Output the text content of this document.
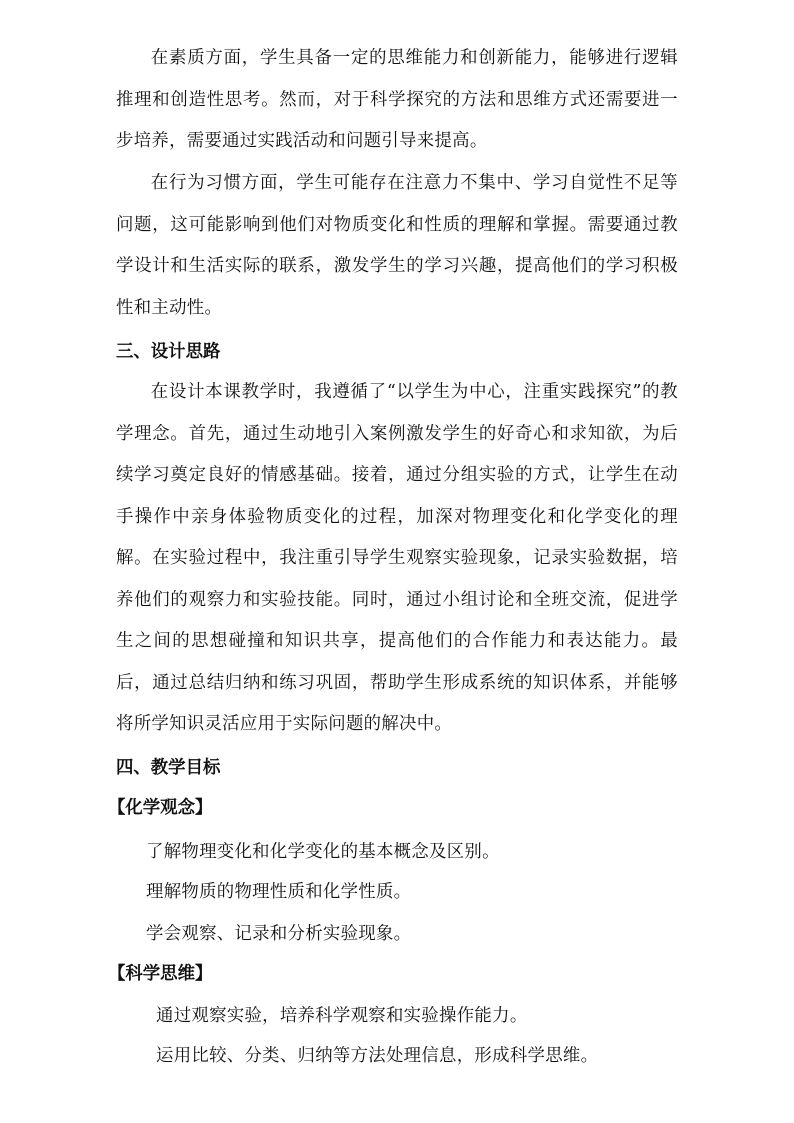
在素质方面，学生具备一定的思维能力和创新能力，能够进行逻辑推理和创造性思考。然而，对于科学探究的方法和思维方式还需要进一步培养，需要通过实践活动和问题引导来提高。

在行为习惯方面，学生可能存在注意力不集中、学习自觉性不足等问题，这可能影响到他们对物质变化和性质的理解和掌握。需要通过教学设计和生活实际的联系，激发学生的学习兴趣，提高他们的学习积极性和主动性。

三、设计思路

在设计本课教学时，我遵循了“以学生为中心，注重实践探究”的教学理念。首先，通过生动地引入案例激发学生的好奇心和求知欲，为后续学习奠定良好的情感基础。接着，通过分组实验的方式，让学生在动手操作中亲身体验物质变化的过程，加深对物理变化和化学变化的理解。在实验过程中，我注重引导学生观察实验现象，记录实验数据，培养他们的观察力和实验技能。同时，通过小组讨论和全班交流，促进学生之间的思想碰撞和知识共享，提高他们的合作能力和表达能力。最后，通过总结归纳和练习巩固，帮助学生形成系统的知识体系，并能够将所学知识灵活应用于实际问题的解决中。

四、教学目标

【化学观念】

了解物理变化和化学变化的基本概念及区别。

理解物质的物理性质和化学性质。

学会观察、记录和分析实验现象。

【科学思维】

通过观察实验，培养科学观察和实验操作能力。

运用比较、分类、归纳等方法处理信息，形成科学思维。
